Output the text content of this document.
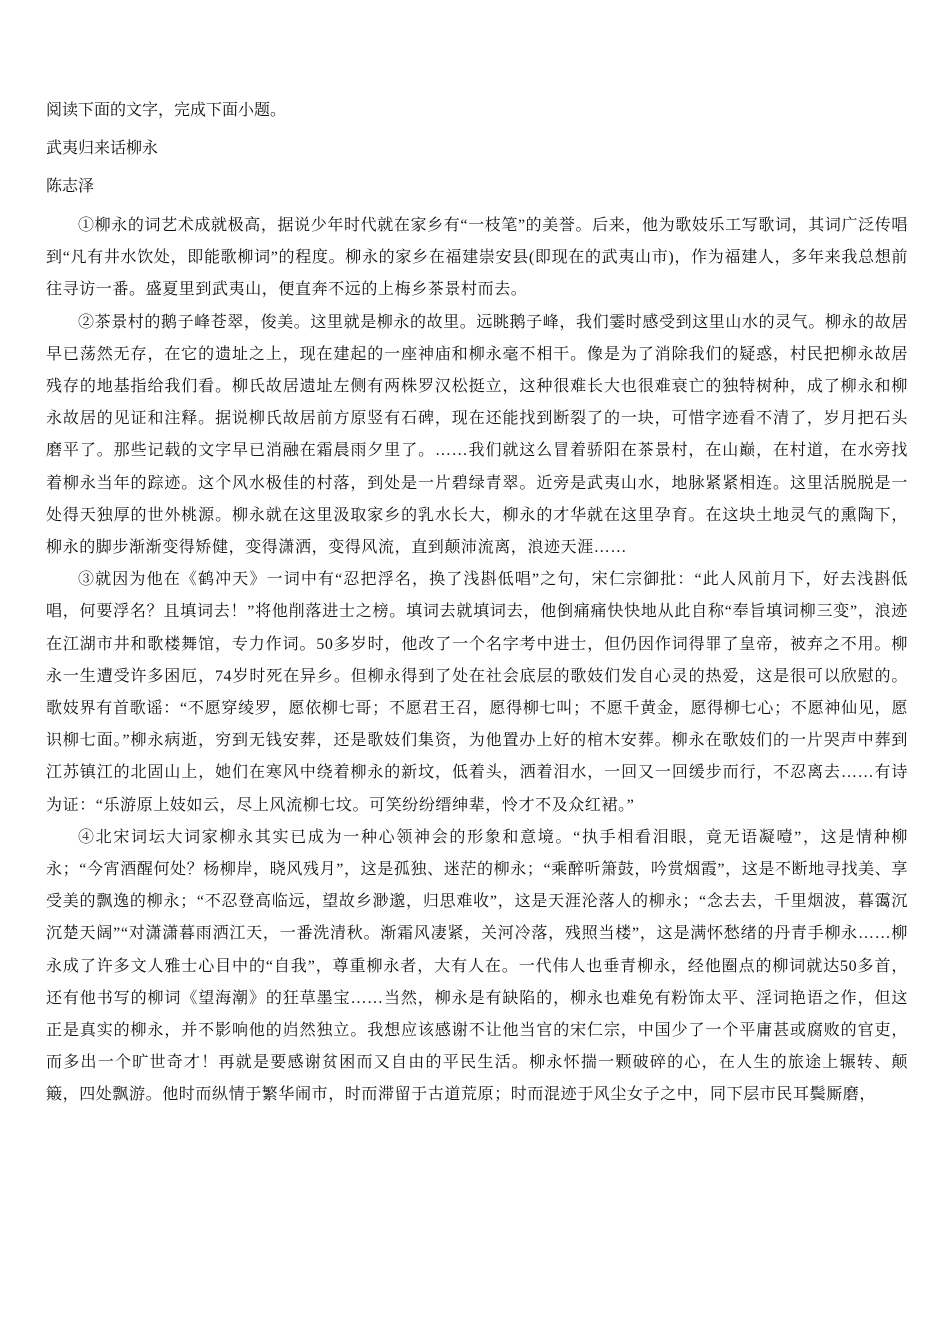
阅读下面的文字，完成下面小题。
武夷归来话柳永
陈志泽

①柳永的词艺术成就极高，据说少年时代就在家乡有“一枝笔”的美誉。后来，他为歌妓乐工写歌词，其词广泛传唱到“凡有井水饮处，即能歌柳词”的程度。柳永的家乡在福建崇安县(即现在的武夷山市)，作为福建人，多年来我总想前往寻访一番。盛夏里到武夷山，便直奔不远的上梅乡茶景村而去。

②茶景村的鹅子峰苍翠，俊美。这里就是柳永的故里。远眺鹅子峰，我们霎时感受到这里山水的灵气。柳永的故居早已荡然无存，在它的遗址之上，现在建起的一座神庙和柳永毫不相干。像是为了消除我们的疑惑，村民把柳永故居残存的地基指给我们看。柳氏故居遗址左侧有两株罗汉松挺立，这种很难长大也很难衰亡的独特树种，成了柳永和柳永故居的见证和注释。据说柳氏故居前方原竖有石碑，现在还能找到断裂了的一块，可惜字迹看不清了，岁月把石头磨平了。那些记载的文字早已消融在霜晨雨夕里了。……我们就这么冒着骄阳在茶景村，在山巅，在村道，在水旁找着柳永当年的踪迹。这个风水极佳的村落，到处是一片碧绿青翠。近旁是武夷山水，地脉紧紧相连。这里活脱脱是一处得天独厚的世外桃源。柳永就在这里汲取家乡的乳水长大，柳永的才华就在这里孕育。在这块土地灵气的熏陶下，柳永的脚步渐渐变得矫健，变得潇洒，变得风流，直到颠沛流离，浪迹天涯……

③就因为他在《鹤冲天》一词中有“忍把浮名，换了浅斟低唱”之句，宋仁宗御批：“此人风前月下，好去浅斟低唱，何要浮名？且填词去！”将他削落进士之榜。填词去就填词去，他倒痛痛快快地从此自称“奉旨填词柳三变”，浪迹在江湖市井和歌楼舞馆，专力作词。50多岁时，他改了一个名字考中进士，但仍因作词得罪了皇帝，被弃之不用。柳永一生遭受许多困厄，74岁时死在异乡。但柳永得到了处在社会底层的歌妓们发自心灵的热爱，这是很可以欣慰的。歌妓界有首歌谣：“不愿穿绫罗，愿依柳七哥；不愿君王召，愿得柳七叫；不愿千黄金，愿得柳七心；不愿神仙见，愿识柳七面。”柳永病逝，穷到无钱安葬，还是歌妓们集资，为他置办上好的棺木安葬。柳永在歌妓们的一片哭声中葬到江苏镇江的北固山上，她们在寒风中绕着柳永的新坟，低着头，洒着泪水，一回又一回缓步而行，不忍离去……有诗为证：“乐游原上妓如云，尽上风流柳七坟。可笑纷纷缙绅辈，怜才不及众红裙。”

④北宋词坛大词家柳永其实已成为一种心领神会的形象和意境。“执手相看泪眼，竟无语凝噎”，这是情种柳永；“今宵酒醒何处？杨柳岸，晓风残月”，这是孤独、迷茫的柳永；“乘醉听箫鼓，吟赏烟霞”，这是不断地寻找美、享受美的飘逸的柳永；“不忍登高临远，望故乡渺邈，归思难收”，这是天涯沦落人的柳永；“念去去，千里烟波，暮霭沉沉楚天阔”“对潇潇暮雨洒江天，一番洗清秋。渐霜风凄紧，关河冷落，残照当楼”，这是满怀愁绪的丹青手柳永……柳永成了许多文人雅士心目中的“自我”，尊重柳永者，大有人在。一代伟人也垂青柳永，经他圈点的柳词就达50多首，还有他书写的柳词《望海潮》的狂草墨宝……当然，柳永是有缺陷的，柳永也难免有粉饰太平、淫词艳语之作，但这正是真实的柳永，并不影响他的岿然独立。我想应该感谢不让他当官的宋仁宗，中国少了一个平庸甚或腐败的官吏，而多出一个旷世奇才！再就是要感谢贫困而又自由的平民生活。柳永怀揣一颗破碎的心，在人生的旅途上辗转、颠簸，四处飘游。他时而纵情于繁华闹市，时而滞留于古道荒原；时而混迹于风尘女子之中，同下层市民耳鬓厮磨，
